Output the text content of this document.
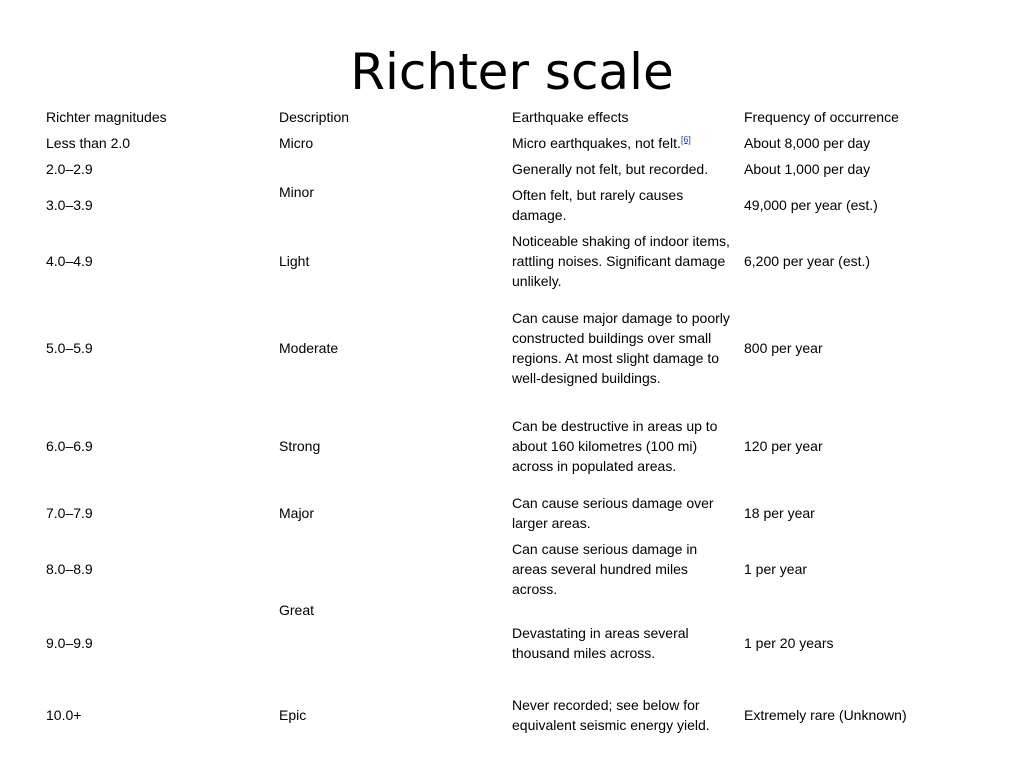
Richter scale
Richter magnitudes	Description	Earthquake effects	Frequency of occurrence
Less than 2.0	Micro	Micro earthquakes, not felt.[6]	About 8,000 per day
2.0–2.9	Minor	Generally not felt, but recorded.	About 1,000 per day
3.0–3.9		Often felt, but rarely causes damage.	49,000 per year (est.)
4.0–4.9	Light	Noticeable shaking of indoor items, rattling noises. Significant damage unlikely.	6,200 per year (est.)
5.0–5.9	Moderate	Can cause major damage to poorly constructed buildings over small regions. At most slight damage to well-designed buildings.	800 per year
6.0–6.9	Strong	Can be destructive in areas up to about 160 kilometres (100 mi) across in populated areas.	120 per year
7.0–7.9	Major	Can cause serious damage over larger areas.	18 per year
8.0–8.9	Great	Can cause serious damage in areas several hundred miles across.	1 per year
9.0–9.9		Devastating in areas several thousand miles across.	1 per 20 years
10.0+	Epic	Never recorded; see below for equivalent seismic energy yield.	Extremely rare (Unknown)
